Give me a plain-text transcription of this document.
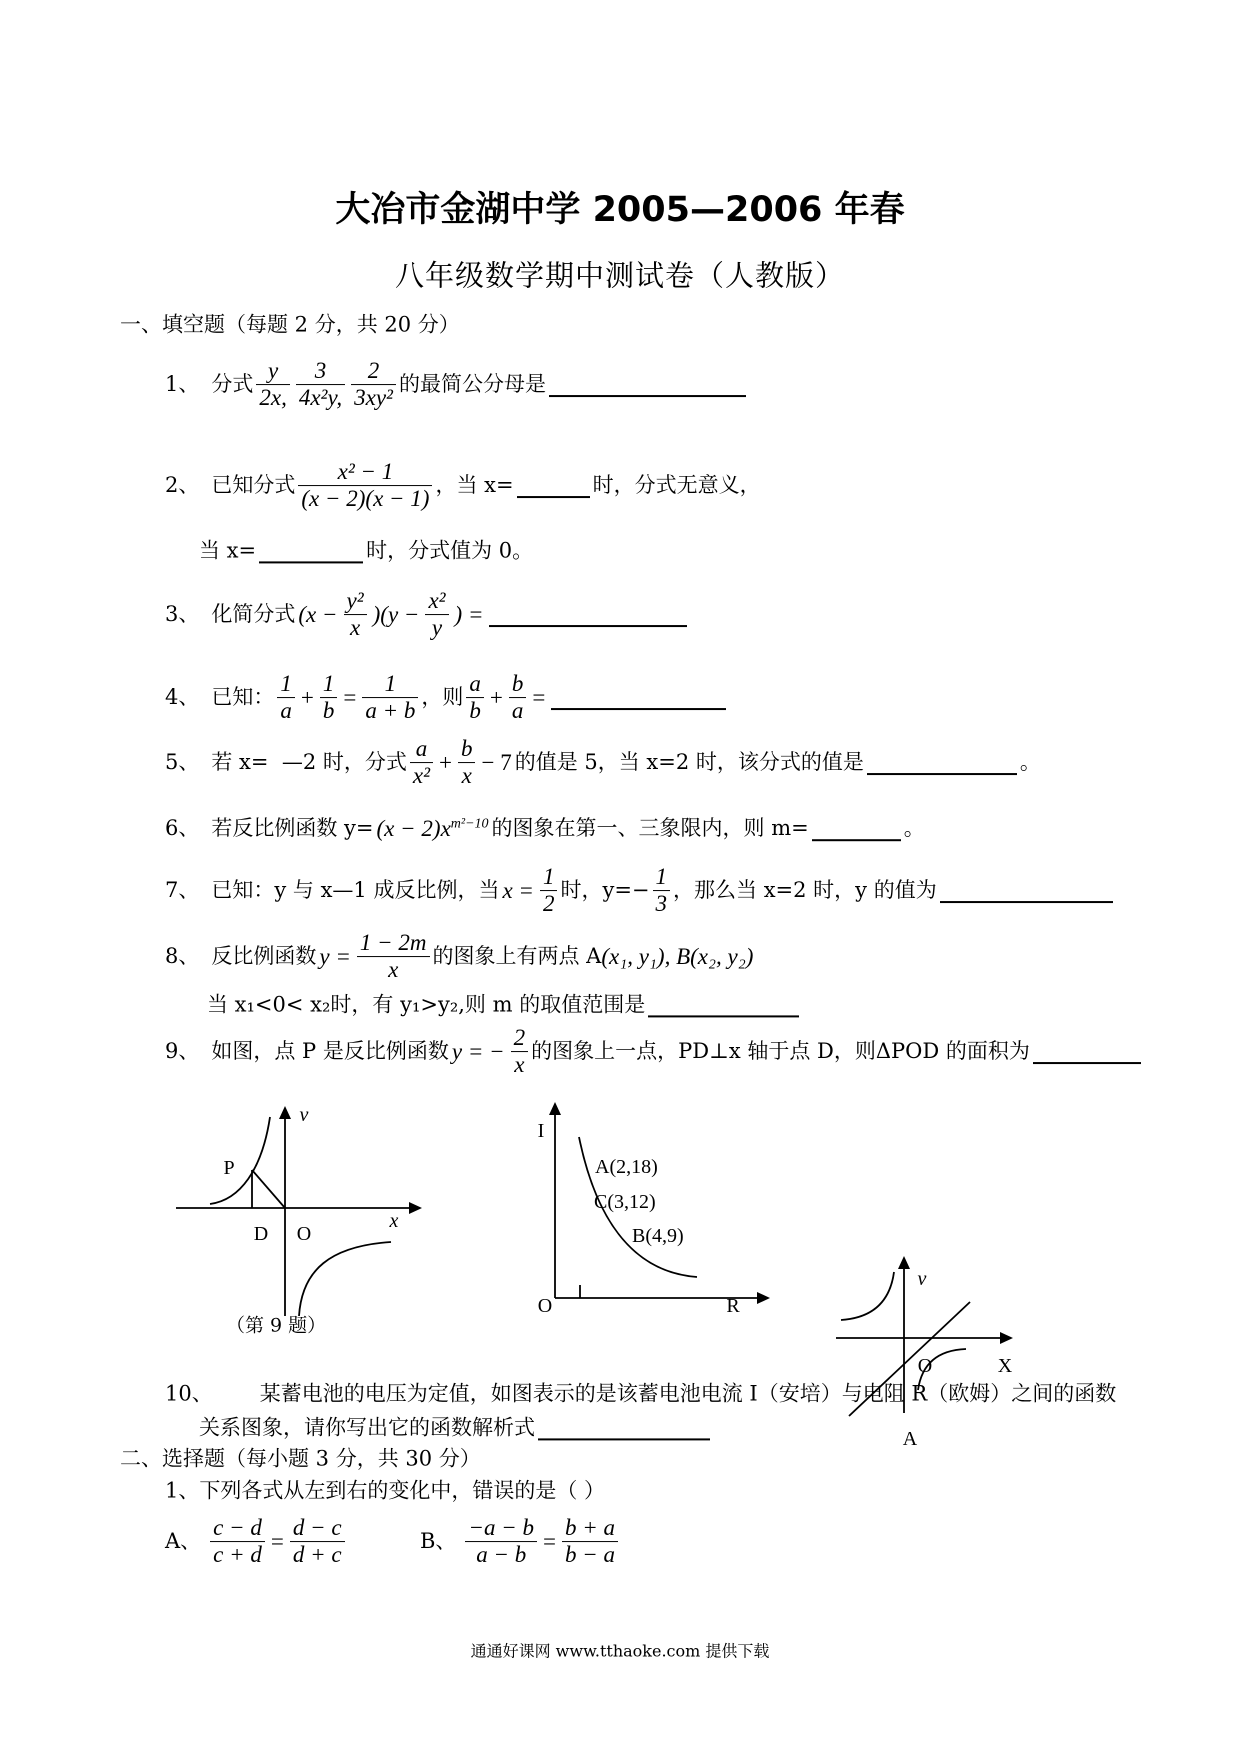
大冶市金湖中学 2005—2006 年春
八年级数学期中测试卷（人教版）
一、填空题（每题 2 分，共 20 分）
1、 分式 $\frac{y}{2x,} \frac{3}{\text{4x²y,}} \frac{2}{\text{3xy²}}$ 的最简公分母是
2、 已知分式 $\frac{\text{x² − 1}}{(x - 2)(x - 1)}$ ，当 x=	时，分式无意义，
当 x=	时，分式值为 0。
3、 化简分式 $(x - \frac{\text{y²}}{x} )(y - \frac{\text{x²}}{y}$ ) =
4、 已知： $\frac{1}{a} + \frac{1}{b} = \frac{1}{a + b}$ ，则 $\frac{a}{b} + \frac{b}{a}$ =
5、 若 x=  —2 时，分式 $\frac{a}{\text{x²}} + \frac{b}{x} - 7$ 的值是 5，当 x=2 时，该分式的值是	。
6、 若反比例函数 $y= (x - 2)x^{m^2-10}$ 的图象在第一、三象限内，则 m=	。
7、 已知：y 与 x—1 成反比例，当 $x = \frac{1}{2}$ 时，$y=- \frac{1}{3}$ ，那么当 x=2 时，y 的值为
8、 反比例函数 $y = \frac{1 - 2m}{x}$ 的图象上有两点 A (x₁, y₁), B(x₂, y₂)
当 x₁<0< x₂时，有 y₁>y₂,则 m 的取值范围是
9、 如图，点 P 是反比例函数 y = − $\frac{2}{x}$ 的图象上一点，PD⊥x 轴于点 D，则ΔPOD 的面积为
v
x
P
D O
（第 9 题）
I
O	R
A(2,18)
C(3,12)
B(4,9)
v
X
O
A
10、 某蓄电池的电压为定值，如图表示的是该蓄电池电流 I（安培）与电阻 R（欧姆）之间的函数
关系图象，请你写出它的函数解析式
二、选择题（每小题 3 分，共 30 分）
1、下列各式从左到右的变化中，错误的是（ ）
A、 $\frac{c - d}{c + d} = \frac{d - c}{d + c}$	B、 $\frac{-a - b}{a - b} = \frac{b + a}{b - a}$
通通好课网 www.tthaoke.com 提供下载
